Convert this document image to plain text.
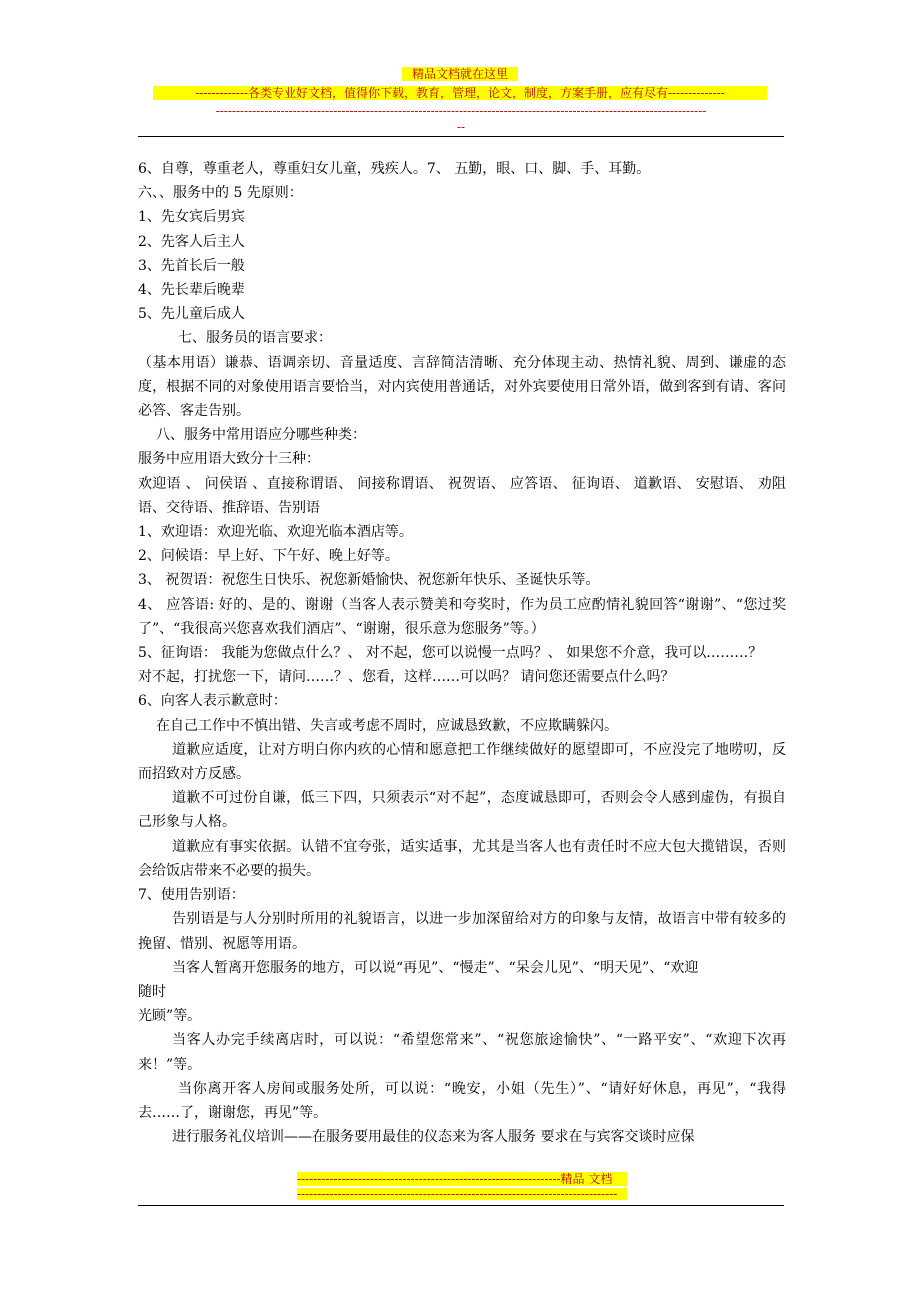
精品文档就在这里
-------------各类专业好文档，值得你下载，教育，管理，论文，制度，方案手册，应有尽有--------------
-------------------------------------------------------------------------------------------------------------------------
--

6、自尊，尊重老人，尊重妇女儿童，残疾人。7、 五勤，眼、口、脚、手、耳勤。

六、、服务中的 5 先原则：

1、先女宾后男宾

2、先客人后主人

3、先首长后一般

4、先长辈后晚辈

5、先儿童后成人

七、服务员的语言要求：

（基本用语）谦恭、语调亲切、音量适度、言辞简洁清晰、充分体现主动、热情礼貌、周到、谦虚的态度，根据不同的对象使用语言要恰当，对内宾使用普通话，对外宾要使用日常外语，做到客到有请、客问必答、客走告别。

八、服务中常用语应分哪些种类：

服务中应用语大致分十三种：

欢迎语 、 问侯语 、直接称谓语、 间接称谓语、 祝贺语、 应答语、 征询语、 道歉语、 安慰语、 劝阻语、交待语、推辞语、告别语

1、欢迎语：欢迎光临、欢迎光临本酒店等。

2、问候语：早上好、下午好、晚上好等。

3、 祝贺语：祝您生日快乐、祝您新婚愉快、祝您新年快乐、圣诞快乐等。

4、 应答语: 好的、是的、谢谢（当客人表示赞美和夸奖时，作为员工应酌情礼貌回答“谢谢”、“您过奖了”、“我很高兴您喜欢我们酒店”、“谢谢，很乐意为您服务”等。）

5、征询语： 我能为您做点什么？、 对不起，您可以说慢一点吗？、 如果您不介意，我可以………？

对不起，打扰您一下，请问……？、您看，这样……可以吗？ 请问您还需要点什么吗？

6、向客人表示歉意时：

在自己工作中不慎出错、失言或考虑不周时，应诚恳致歉，不应欺瞒躲闪。

道歉应适度，让对方明白你内疚的心情和愿意把工作继续做好的愿望即可，不应没完了地唠叨，反而招致对方反感。

道歉不可过份自谦，低三下四，只须表示“对不起”，态度诚恳即可，否则会令人感到虚伪，有损自己形象与人格。

道歉应有事实依据。认错不宜夸张，适实适事，尤其是当客人也有责任时不应大包大揽错误，否则会给饭店带来不必要的损失。

7、使用告别语：

告别语是与人分别时所用的礼貌语言，以进一步加深留给对方的印象与友情，故语言中带有较多的挽留、惜别、祝愿等用语。

当客人暂离开您服务的地方，可以说“再见”、“慢走”、“呆会儿见”、“明天见”、“欢迎

随时

光顾”等。

当客人办完手续离店时，可以说：“希望您常来”、“祝您旅途愉快”、“一路平安”、“欢迎下次再来！”等。

当你离开客人房间或服务处所，可以说：“晚安，小姐（先生）”、“请好好休息，再见”，“我得去……了，谢谢您，再见”等。

进行服务礼仪培训——在服务要用最佳的仪态来为客人服务 要求在与宾客交谈时应保

-----------------------------------------------------------------精品 文档
-------------------------------------------------------------------------------
